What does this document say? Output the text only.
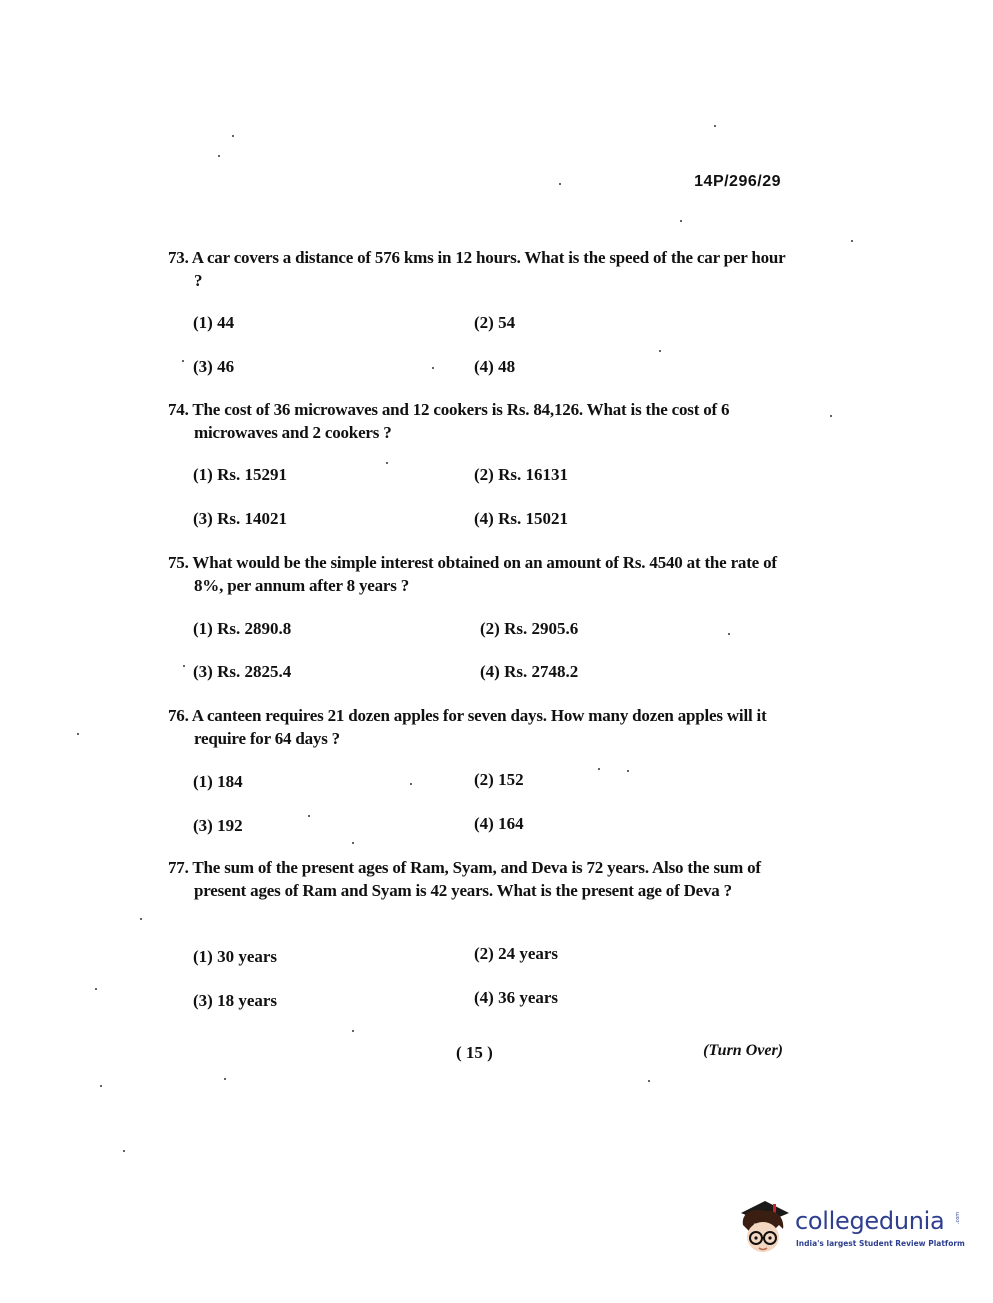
14P/296/29
73. A car covers a distance of 576 kms in 12 hours. What is the speed of the car per hour ?
(1) 44	(2) 54
(3) 46	(4) 48
74. The cost of 36 microwaves and 12 cookers is Rs. 84,126. What is the cost of 6 microwaves and 2 cookers ?
(1) Rs. 15291	(2) Rs. 16131
(3) Rs. 14021	(4) Rs. 15021
75. What would be the simple interest obtained on an amount of Rs. 4540 at the rate of 8%, per annum after 8 years ?
(1) Rs. 2890.8	(2) Rs. 2905.6
(3) Rs. 2825.4	(4) Rs. 2748.2
76. A canteen requires 21 dozen apples for seven days. How many dozen apples will it require for 64 days ?
(1) 184	(2) 152
(3) 192	(4) 164
77. The sum of the present ages of Ram, Syam, and Deva is 72 years. Also the sum of present ages of Ram and Syam is 42 years. What is the present age of Deva ?
(1) 30 years	(2) 24 years
(3) 18 years	(4) 36 years
( 15 )	(Turn Over)
collegedunia .com
India's largest Student Review Platform
